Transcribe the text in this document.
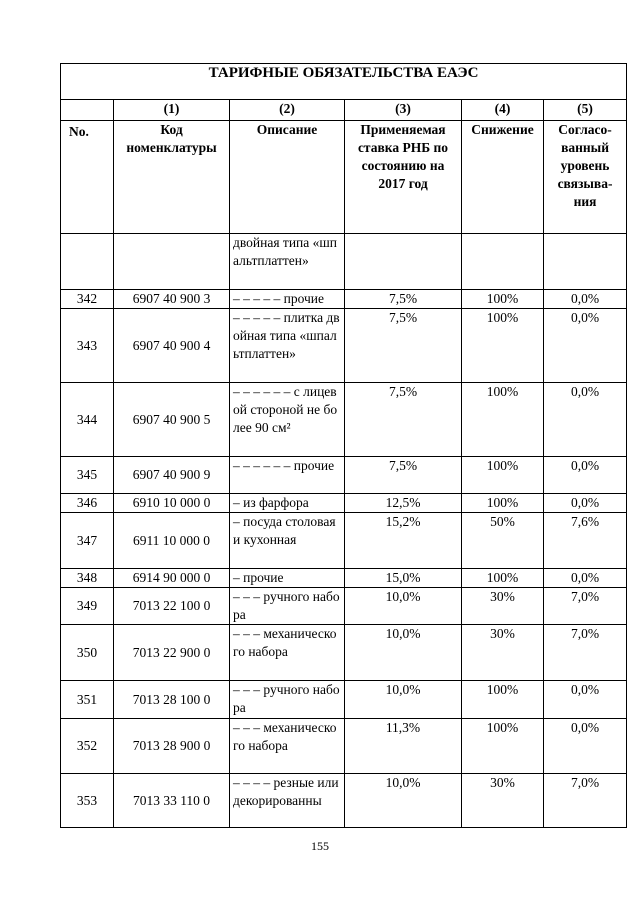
ТАРИФНЫЕ ОБЯЗАТЕЛЬСТВА ЕАЭС					
	(1)	(2)	(3)	(4)	(5)
No.	Код номенклатуры	Описание	Применяемая ставка РНБ по состоянию на 2017 год	Снижение	Согласо-ванный уровень связыва-ния
		двойная типа «шпальтплаттен»			
342	6907 40 900 3	– – – – – прочие	7,5%	100%	0,0%
343	6907 40 900 4	– – – – – плитка двойная типа «шпальтплаттен»	7,5%	100%	0,0%
344	6907 40 900 5	– – – – – – с лицевой стороной не более 90 см²	7,5%	100%	0,0%
345	6907 40 900 9	– – – – – – прочие	7,5%	100%	0,0%
346	6910 10 000 0	– из фарфора	12,5%	100%	0,0%
347	6911 10 000 0	– посуда столовая и кухонная	15,2%	50%	7,6%
348	6914 90 000 0	– прочие	15,0%	100%	0,0%
349	7013 22 100 0	– – – ручного набора	10,0%	30%	7,0%
350	7013 22 900 0	– – – механического набора	10,0%	30%	7,0%
351	7013 28 100 0	– – – ручного набора	10,0%	100%	0,0%
352	7013 28 900 0	– – – механического набора	11,3%	100%	0,0%
353	7013 33 110 0	– – – – резные или декорированны	10,0%	30%	7,0%
155
